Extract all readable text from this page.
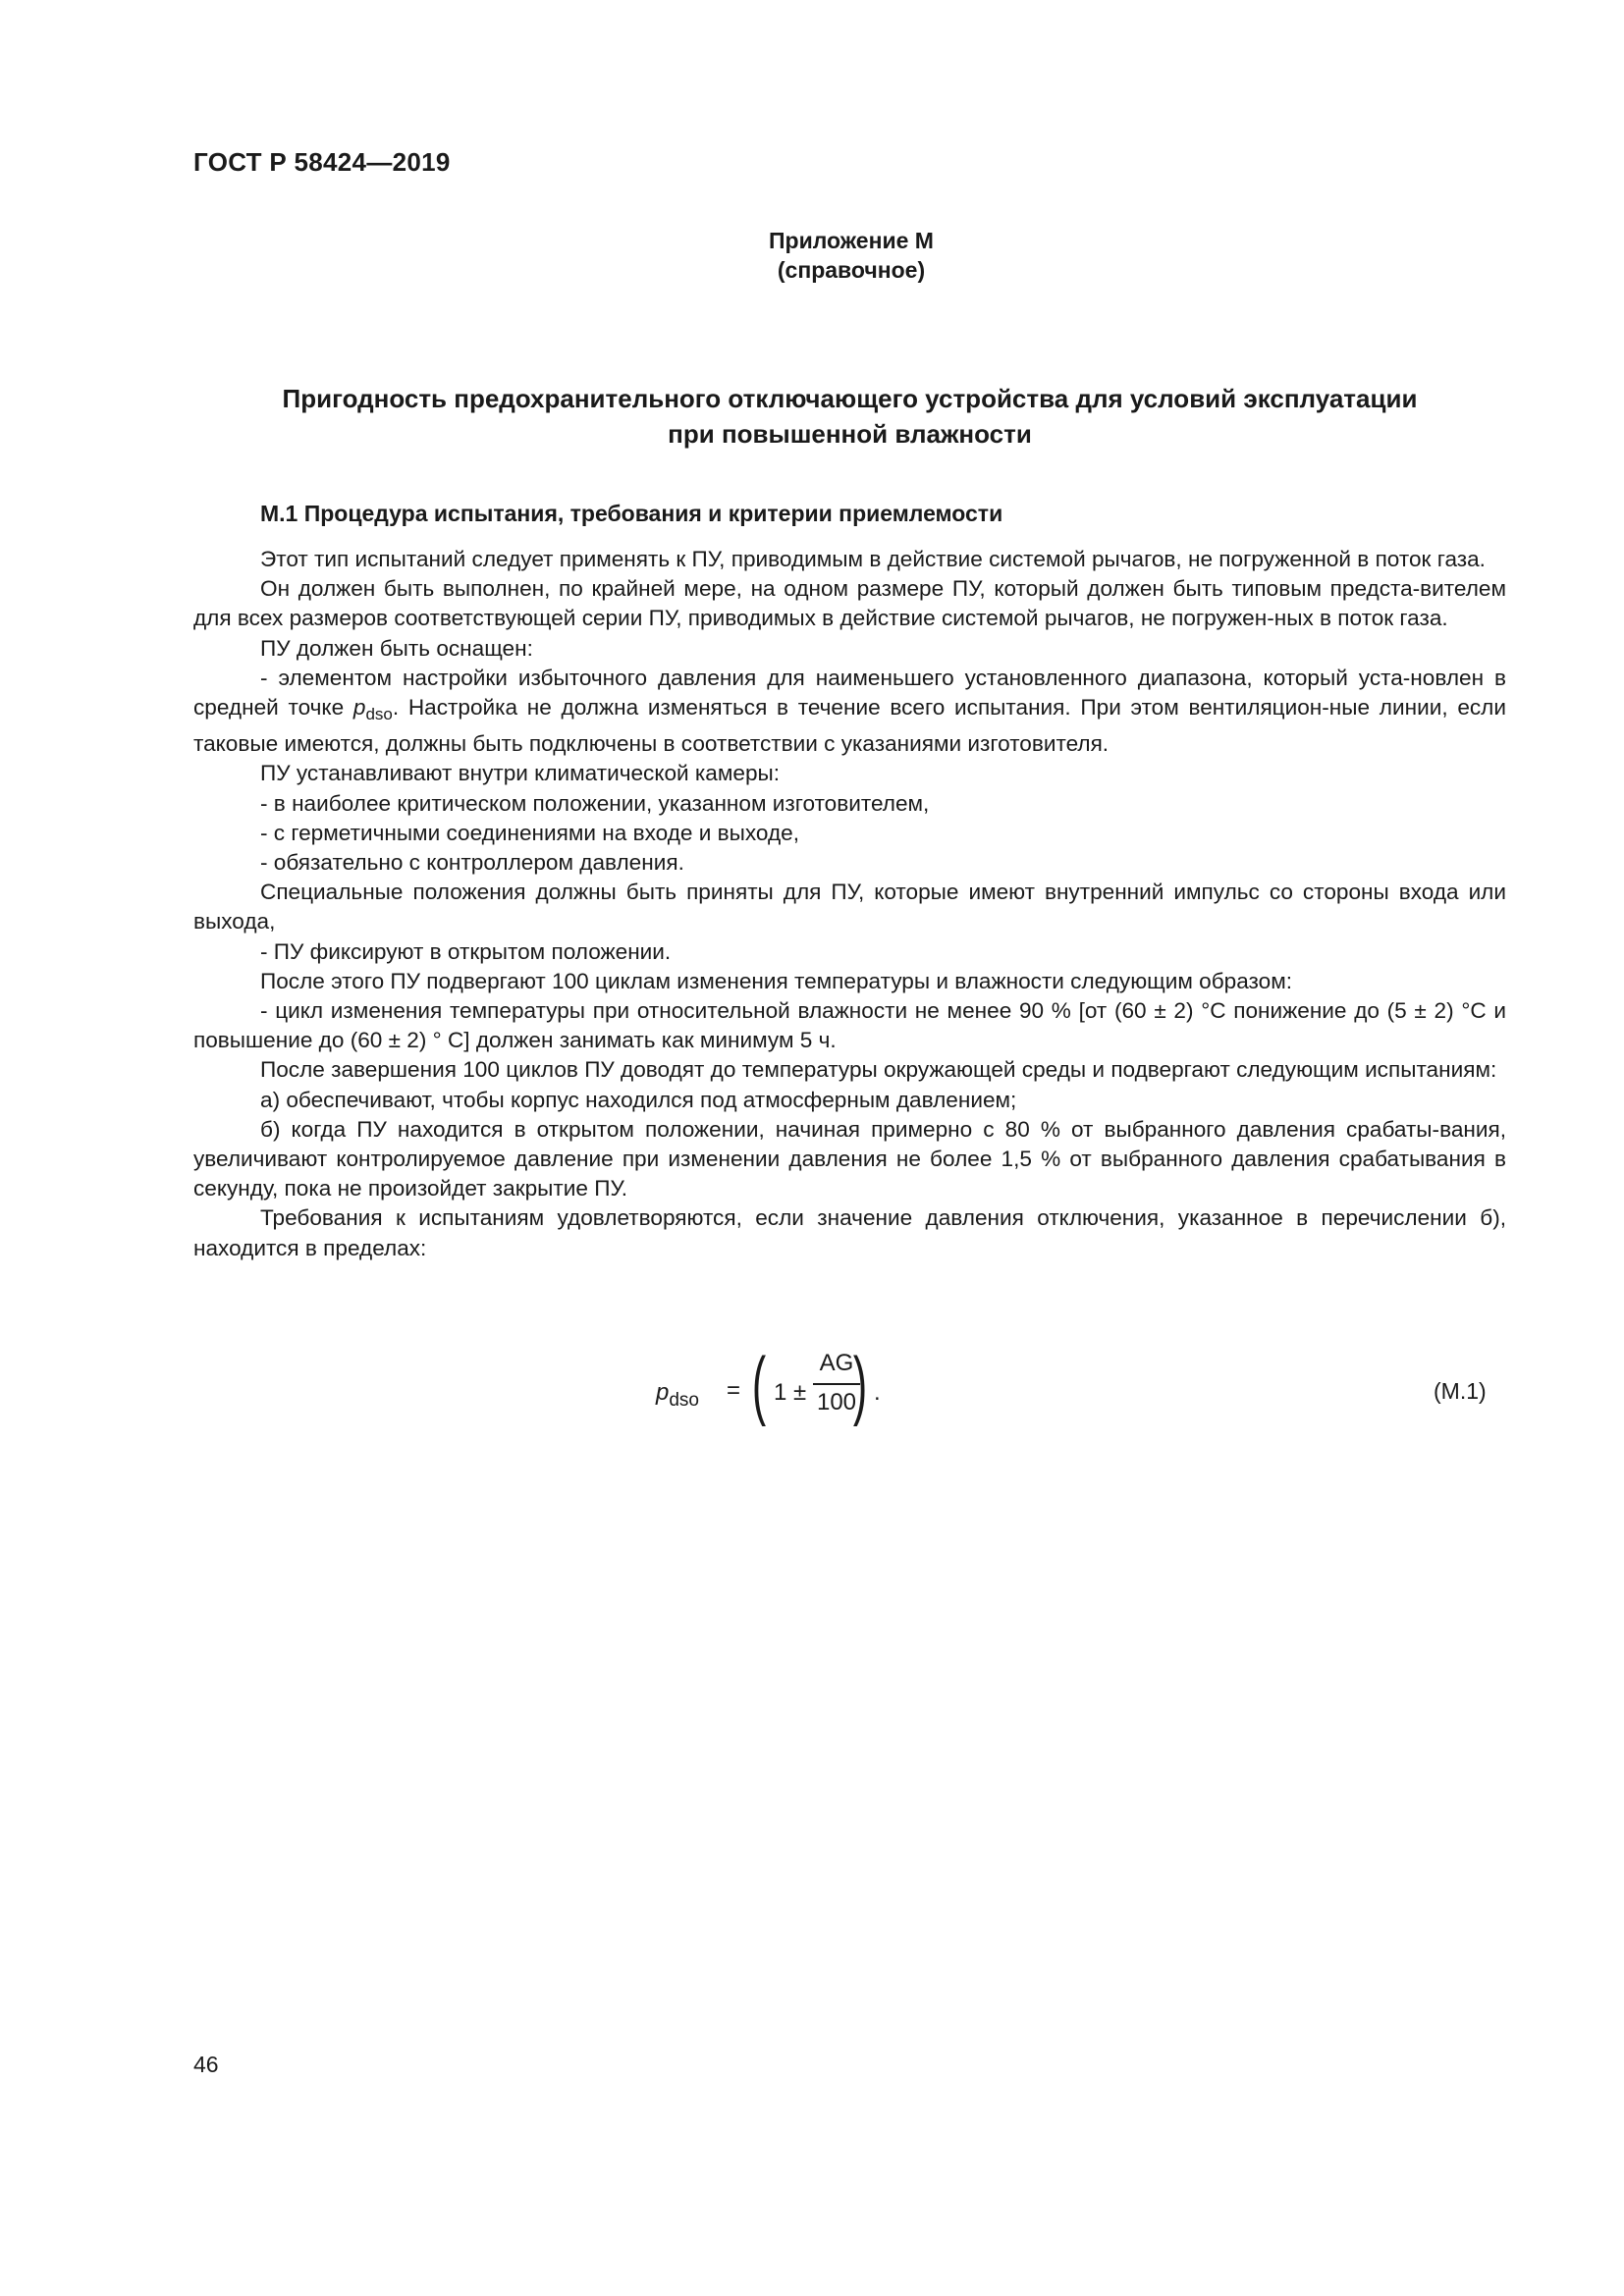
ГОСТ Р 58424—2019
Приложение М
(справочное)
Пригодность предохранительного отключающего устройства для условий эксплуатации
при повышенной влажности
М.1 Процедура испытания, требования и критерии приемлемости

Этот тип испытаний следует применять к ПУ, приводимым в действие системой рычагов, не погруженной в поток газа.

Он должен быть выполнен, по крайней мере, на одном размере ПУ, который должен быть типовым предста-вителем для всех размеров соответствующей серии ПУ, приводимых в действие системой рычагов, не погружен-ных в поток газа.

ПУ должен быть оснащен:

- элементом настройки избыточного давления для наименьшего установленного диапазона, который уста-новлен в средней точке $p_{dso}$. Настройка не должна изменяться в течение всего испытания. При этом вентиляцион-ные линии, если таковые имеются, должны быть подключены в соответствии с указаниями изготовителя.

ПУ устанавливают внутри климатической камеры:

- в наиболее критическом положении, указанном изготовителем,

- с герметичными соединениями на входе и выходе,

- обязательно с контроллером давления.

Специальные положения должны быть приняты для ПУ, которые имеют внутренний импульс со стороны входа или выхода,

- ПУ фиксируют в открытом положении.

После этого ПУ подвергают 100 циклам изменения температуры и влажности следующим образом:

- цикл изменения температуры при относительной влажности не менее 90 % [от (60 ± 2) °С понижение до (5 ± 2) °С и повышение до (60 ± 2) ° С] должен занимать как минимум 5 ч.

После завершения 100 циклов ПУ доводят до температуры окружающей среды и подвергают следующим испытаниям:

а) обеспечивают, чтобы корпус находился под атмосферным давлением;

б) когда ПУ находится в открытом положении, начиная примерно с 80 % от выбранного давления срабаты-вания, увеличивают контролируемое давление при изменении давления не более 1,5 % от выбранного давления срабатывания в секунду, пока не произойдет закрытие ПУ.

Требования к испытаниям удовлетворяются, если значение давления отключения, указанное в перечислении б), находится в пределах:

$p_{dso}$ = ( 1 ±
AG
100
) .	(М.1)
46
